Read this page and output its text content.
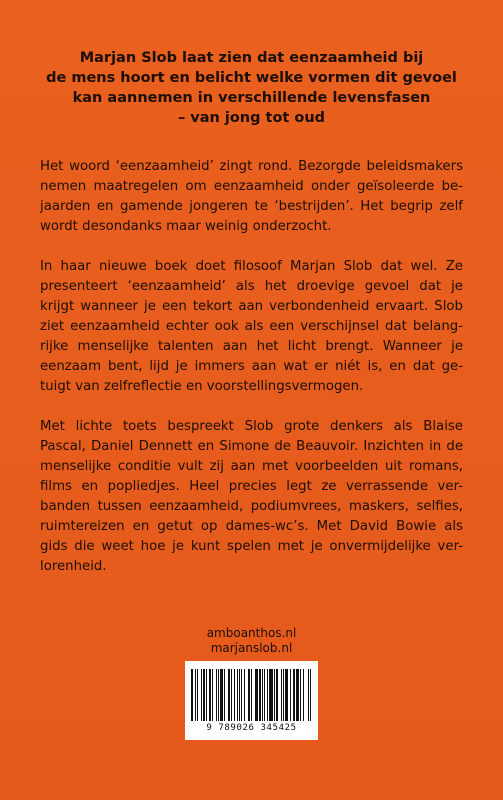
Marjan Slob laat zien dat eenzaamheid bij
de mens hoort en belicht welke vormen dit gevoel
kan aannemen in verschillende levensfasen
– van jong tot oud
Het woord ‘eenzaamheid’ zingt rond. Bezorgde beleidsmakers
nemen maatregelen om eenzaamheid onder geïsoleerde be-
jaarden en gamende jongeren te ‘bestrijden’. Het begrip zelf
wordt desondanks maar weinig onderzocht.
In haar nieuwe boek doet filosoof Marjan Slob dat wel. Ze
presenteert ‘eenzaamheid’ als het droevige gevoel dat je
krijgt wanneer je een tekort aan verbondenheid ervaart. Slob
ziet eenzaamheid echter ook als een verschijnsel dat belang-
rijke menselijke talenten aan het licht brengt. Wanneer je
eenzaam bent, lijd je immers aan wat er niét is, en dat ge-
tuigt van zelfreflectie en voorstellingsvermogen.
Met lichte toets bespreekt Slob grote denkers als Blaise
Pascal, Daniel Dennett en Simone de Beauvoir. Inzichten in de
menselijke conditie vult zij aan met voorbeelden uit romans,
films en popliedjes. Heel precies legt ze verrassende ver-
banden tussen eenzaamheid, podiumvrees, maskers, selfies,
ruimtereizen en getut op dames-wc’s. Met David Bowie als
gids die weet hoe je kunt spelen met je onvermijdelijke ver-
lorenheid.
amboanthos.nl
marjanslob.nl
9 789026 345425
